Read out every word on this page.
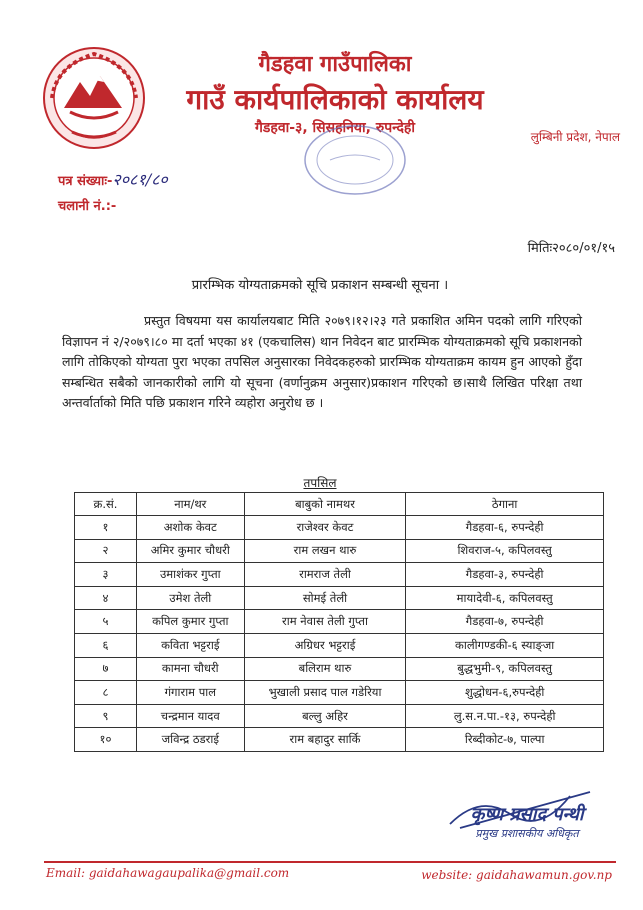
गैडहवा गाउँपालिका
गाउँ कार्यपालिकाको कार्यालय
गैडहवा-३, सिसहनिया, रुपन्देही
लुम्बिनी प्रदेश, नेपाल
पत्र संख्याः-२०८१/८०
चलानी नं.:-
मितिः२०८०/०१/१५
प्रारम्भिक योग्यताक्रमको सूचि प्रकाशन सम्बन्धी सूचना ।
प्रस्तुत विषयमा यस कार्यालयबाट मिति २०७९।१२।२३ गते प्रकाशित अमिन पदको लागि गरिएको विज्ञापन नं २/२०७९।८० मा दर्ता भएका ४१ (एकचालिस) थान निवेदन बाट प्रारम्भिक योग्यताक्रमको सूचि प्रकाशनको लागि तोकिएको योग्यता पुरा भएका तपसिल अनुसारका निवेदकहरुको प्रारम्भिक योग्यताक्रम कायम हुन आएको हुँदा सम्बन्धित सबैको जानकारीको लागि यो सूचना (वर्णानुक्रम अनुसार)प्रकाशन गरिएको छ।साथै लिखित परिक्षा तथा अन्तर्वार्ताको मिति पछि प्रकाशन गरिने व्यहोरा अनुरोध छ ।
तपसिल
क्र.सं.	नाम/थर	बाबुको नामथर	ठेगाना
१	अशोक केवट	राजेश्वर केवट	गैडहवा-६, रुपन्देही
२	अमिर कुमार चौधरी	राम लखन थारु	शिवराज-५, कपिलवस्तु
३	उमाशंकर गुप्ता	रामराज तेली	गैडहवा-३, रुपन्देही
४	उमेश तेली	सोमई तेली	मायादेवी-६, कपिलवस्तु
५	कपिल कुमार गुप्ता	राम नेवास तेली गुप्ता	गैडहवा-७, रुपन्देही
६	कविता भट्टराई	अग्रिधर भट्टराई	कालीगण्डकी-६ स्याङ्जा
७	कामना चौधरी	बलिराम थारु	बुद्धभुमी-९, कपिलवस्तु
८	गंगाराम पाल	भुखाली प्रसाद पाल गडेरिया	शुद्धोधन-६,रुपन्देही
९	चन्द्रमान यादव	बल्लु अहिर	लु.स.न.पा.-१३, रुपन्देही
१०	जविन्द्र ठडराई	राम बहादुर सार्कि	रिब्दीकोट-७, पाल्पा
कृष्ण प्रसाद पन्थी
प्रमुख प्रशासकीय अधिकृत
Email: gaidahawagaupalika@gmail.com	website: gaidahawamun.gov.np
